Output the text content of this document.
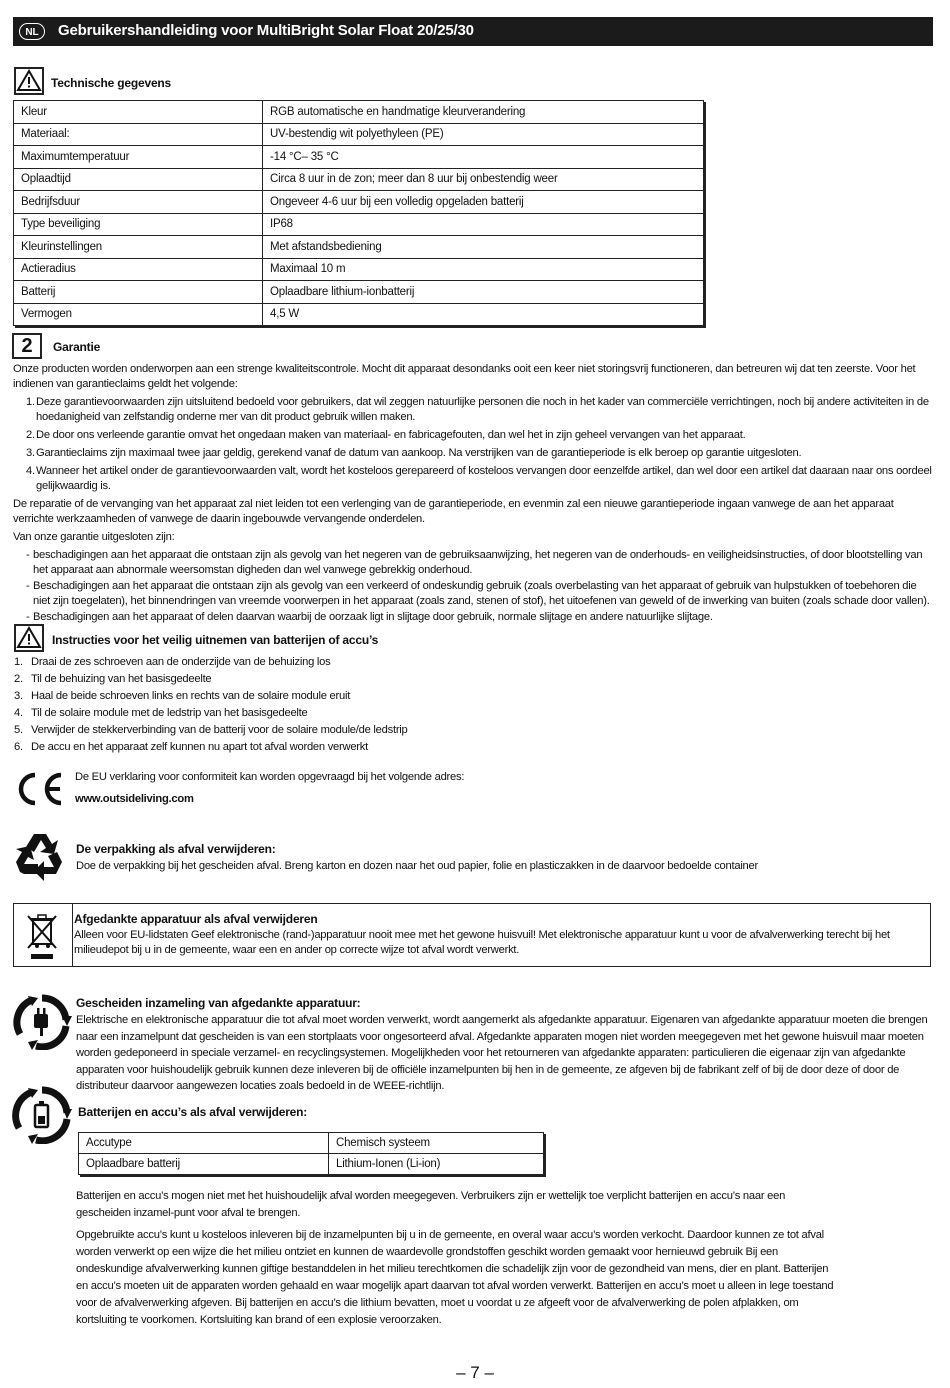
NL	Gebruikershandleiding voor MultiBright Solar Float 20/25/30
Technische gegevens
Kleur	RGB automatische en handmatige kleurverandering
Materiaal:	UV-bestendig wit polyethyleen (PE)
Maximumtemperatuur	-14 °C– 35 °C
Oplaadtijd	Circa 8 uur in de zon; meer dan 8 uur bij onbestendig weer
Bedrijfsduur	Ongeveer 4-6 uur bij een volledig opgeladen batterij
Type beveiliging	IP68
Kleurinstellingen	Met afstandsbediening
Actieradius	Maximaal 10 m
Batterij	Oplaadbare lithium-ionbatterij
Vermogen	4,5 W
2	Garantie
Onze producten worden onderworpen aan een strenge kwaliteitscontrole. Mocht dit apparaat desondanks ooit een keer niet storingsvrij functioneren, dan betreuren wij dat ten zeerste. Voor het indienen van garantieclaims geldt het volgende:
1. Deze garantievoorwaarden zijn uitsluitend bedoeld voor gebruikers, dat wil zeggen natuurlijke personen die noch in het kader van commerciële verrichtingen, noch bij andere activiteiten in de hoedanigheid van zelfstandig onderne mer van dit product gebruik willen maken.
2. De door ons verleende garantie omvat het ongedaan maken van materiaal- en fabricagefouten, dan wel het in zijn geheel vervangen van het apparaat.
3. Garantieclaims zijn maximaal twee jaar geldig, gerekend vanaf de datum van aankoop. Na verstrijken van de garantieperiode is elk beroep op garantie uitgesloten.
4. Wanneer het artikel onder de garantievoorwaarden valt, wordt het kosteloos gerepareerd of kosteloos vervangen door eenzelfde artikel, dan wel door een artikel dat daaraan naar ons oordeel gelijkwaardig is.
De reparatie of de vervanging van het apparaat zal niet leiden tot een verlenging van de garantieperiode, en evenmin zal een nieuwe garantieperiode ingaan vanwege de aan het apparaat verrichte werkzaamheden of vanwege de daarin ingebouwde vervangende onderdelen.
Van onze garantie uitgesloten zijn:
- beschadigingen aan het apparaat die ontstaan zijn als gevolg van het negeren van de gebruiksaanwijzing, het negeren van de onderhouds- en veiligheidsinstructies, of door blootstelling van het apparaat aan abnormale weersomstan digheden dan wel vanwege gebrekkig onderhoud.
- Beschadigingen aan het apparaat die ontstaan zijn als gevolg van een verkeerd of ondeskundig gebruik (zoals overbelasting van het apparaat of gebruik van hulpstukken of toebehoren die niet zijn toegelaten), het binnendringen van vreemde voorwerpen in het apparaat (zoals zand, stenen of stof), het uitoefenen van geweld of de inwerking van buiten (zoals schade door vallen).
- Beschadigingen aan het apparaat of delen daarvan waarbij de oorzaak ligt in slijtage door gebruik, normale slijtage en andere natuurlijke slijtage.
Instructies voor het veilig uitnemen van batterijen of accu’s
1. Draai de zes schroeven aan de onderzijde van de behuizing los
2. Til de behuizing van het basisgedeelte
3. Haal de beide schroeven links en rechts van de solaire module eruit
4. Til de solaire module met de ledstrip van het basisgedeelte
5. Verwijder de stekkerverbinding van de batterij voor de solaire module/de ledstrip
6. De accu en het apparaat zelf kunnen nu apart tot afval worden verwerkt
De EU verklaring voor conformiteit kan worden opgevraagd bij het volgende adres:
www.outsideliving.com
De verpakking als afval verwijderen:
Doe de verpakking bij het gescheiden afval. Breng karton en dozen naar het oud papier, folie en plasticzakken in de daarvoor bedoelde container
Afgedankte apparatuur als afval verwijderen
Alleen voor EU-lidstaten Geef elektronische (rand-)apparatuur nooit mee met het gewone huisvuil! Met elektronische apparatuur kunt u voor de afvalverwerking terecht bij het milieudepot bij u in de gemeente, waar een en ander op correcte wijze tot afval wordt verwerkt.
Gescheiden inzameling van afgedankte apparatuur:
Elektrische en elektronische apparatuur die tot afval moet worden verwerkt, wordt aangemerkt als afgedankte apparatuur. Eigenaren van afgedankte apparatuur moeten die brengen naar een inzamelpunt dat gescheiden is van een stortplaats voor ongesorteerd afval. Afgedankte apparaten mogen niet worden meegegeven met het gewone huisvuil maar moeten worden gedeponeerd in speciale verzamel- en recyclingsystemen. Mogelijkheden voor het retourneren van afgedankte apparaten: particulieren die eigenaar zijn van afgedankte apparaten voor huishoudelijk gebruik kunnen deze inleveren bij de officiële inzamelpunten bij hen in de gemeente, ze afgeven bij de fabrikant zelf of bij de door deze of door de distributeur daarvoor aangewezen locaties zoals bedoeld in de WEEE-richtlijn.
Batterijen en accu’s als afval verwijderen:
Accutype	Chemisch systeem
Oplaadbare batterij	Lithium-Ionen (Li-ion)
Batterijen en accu’s mogen niet met het huishoudelijk afval worden meegegeven. Verbruikers zijn er wettelijk toe verplicht batterijen en accu’s naar een gescheiden inzamel-punt voor afval te brengen.
Opgebruikte accu’s kunt u kosteloos inleveren bij de inzamelpunten bij u in de gemeente, en overal waar accu’s worden verkocht. Daardoor kunnen ze tot afval worden verwerkt op een wijze die het milieu ontziet en kunnen de waardevolle grondstoffen geschikt worden gemaakt voor hernieuwd gebruik Bij een ondeskundige afvalverwerking kunnen giftige bestanddelen in het milieu terechtkomen die schadelijk zijn voor de gezondheid van mens, dier en plant. Batterijen en accu’s moeten uit de apparaten worden gehaald en waar mogelijk apart daarvan tot afval worden verwerkt. Batterijen en accu’s moet u alleen in lege toestand voor de afvalverwerking afgeven. Bij batterijen en accu’s die lithium bevatten, moet u voordat u ze afgeeft voor de afvalverwerking de polen afplakken, om kortsluiting te voorkomen. Kortsluiting kan brand of een explosie veroorzaken.
– 7 –
